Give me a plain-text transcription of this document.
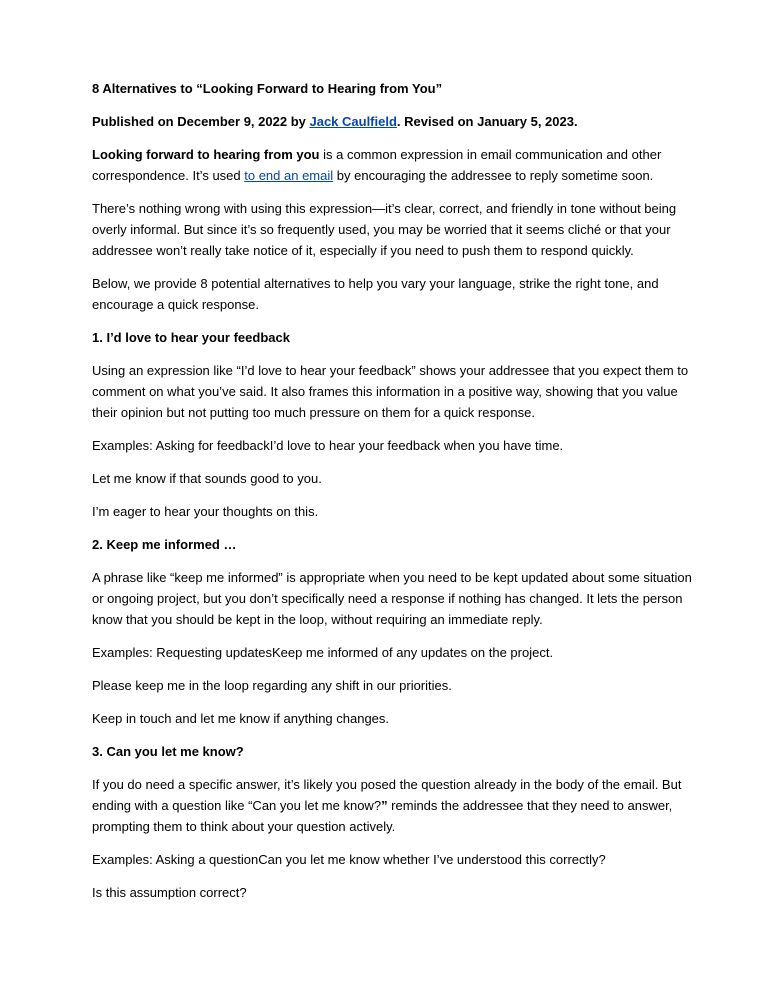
8 Alternatives to “Looking Forward to Hearing from You”

Published on December 9, 2022 by Jack Caulfield. Revised on January 5, 2023.

Looking forward to hearing from you is a common expression in email communication and other correspondence. It’s used to end an email by encouraging the addressee to reply sometime soon.

There’s nothing wrong with using this expression—it’s clear, correct, and friendly in tone without being overly informal. But since it’s so frequently used, you may be worried that it seems cliché or that your addressee won’t really take notice of it, especially if you need to push them to respond quickly.

Below, we provide 8 potential alternatives to help you vary your language, strike the right tone, and encourage a quick response.

1. I’d love to hear your feedback

Using an expression like “I’d love to hear your feedback” shows your addressee that you expect them to comment on what you’ve said. It also frames this information in a positive way, showing that you value their opinion but not putting too much pressure on them for a quick response.

Examples: Asking for feedbackI’d love to hear your feedback when you have time.

Let me know if that sounds good to you.

I’m eager to hear your thoughts on this.

2. Keep me informed …

A phrase like “keep me informed” is appropriate when you need to be kept updated about some situation or ongoing project, but you don’t specifically need a response if nothing has changed. It lets the person know that you should be kept in the loop, without requiring an immediate reply.

Examples: Requesting updatesKeep me informed of any updates on the project.

Please keep me in the loop regarding any shift in our priorities.

Keep in touch and let me know if anything changes.

3. Can you let me know?

If you do need a specific answer, it’s likely you posed the question already in the body of the email. But ending with a question like “Can you let me know?” reminds the addressee that they need to answer, prompting them to think about your question actively.

Examples: Asking a questionCan you let me know whether I’ve understood this correctly?

Is this assumption correct?
